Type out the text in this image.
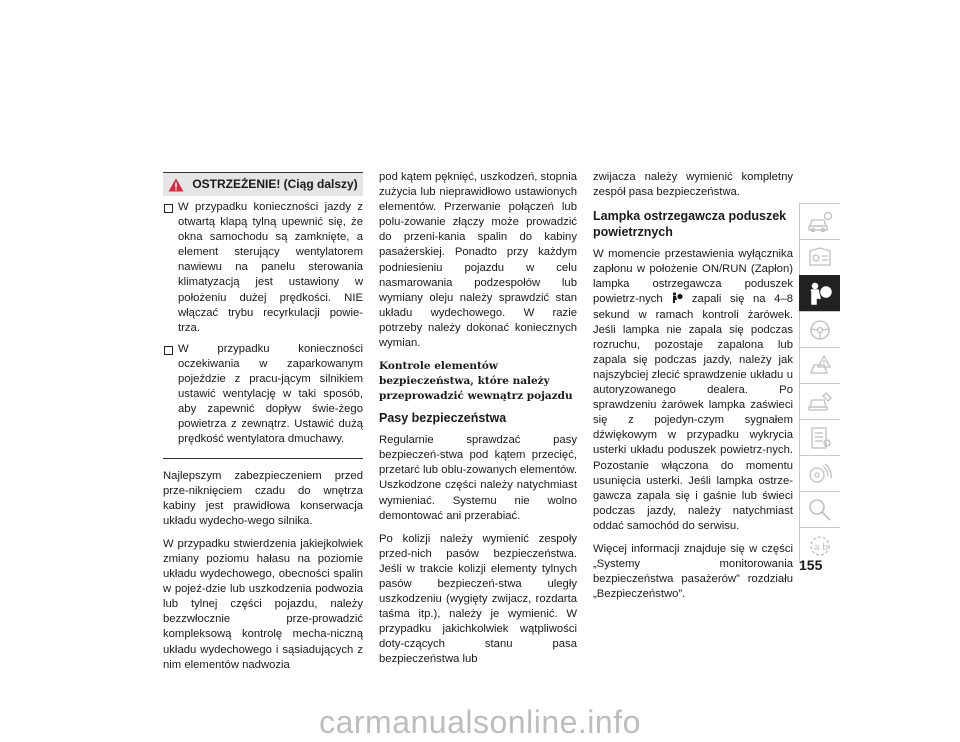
OSTRZEŻENIE! (Ciąg dalszy)
W przypadku konieczności jazdy z otwartą klapą tylną upewnić się, że okna samochodu są zamknięte, a element sterujący wentylatorem nawiewu na panelu sterowania klimatyzacją jest ustawiony w położeniu dużej prędkości. NIE włączać trybu recyrkulacji powie-trza.
W przypadku konieczności oczekiwania w zaparkowanym pojeździe z pracu-jącym silnikiem ustawić wentylację w taki sposób, aby zapewnić dopływ świe-żego powietrza z zewnątrz. Ustawić dużą prędkość wentylatora dmuchawy.

Najlepszym zabezpieczeniem przed prze-niknięciem czadu do wnętrza kabiny jest prawidłowa konserwacja układu wydecho-wego silnika.

W przypadku stwierdzenia jakiejkolwiek zmiany poziomu hałasu na poziomie układu wydechowego, obecności spalin w pojeź-dzie lub uszkodzenia podwozia lub tylnej części pojazdu, należy bezzwłocznie prze-prowadzić kompleksową kontrolę mecha-niczną układu wydechowego i sąsiadujących z nim elementów nadwozia

pod kątem pęknięć, uszkodzeń, stopnia zużycia lub nieprawidłowo ustawionych elementów. Przerwanie połączeń lub polu-zowanie złączy może prowadzić do przeni-kania spalin do kabiny pasażerskiej. Ponadto przy każdym podniesieniu pojazdu w celu nasmarowania podzespołów lub wymiany oleju należy sprawdzić stan układu wydechowego. W razie potrzeby należy dokonać koniecznych wymian.

Kontrole elementów bezpieczeństwa, które należy przeprowadzić wewnątrz pojazdu
Pasy bezpieczeństwa

Regularnie sprawdzać pasy bezpieczeń-stwa pod kątem przecięć, przetarć lub oblu-zowanych elementów. Uszkodzone części należy natychmiast wymieniać. Systemu nie wolno demontować ani przerabiać.

Po kolizji należy wymienić zespoły przed-nich pasów bezpieczeństwa. Jeśli w trakcie kolizji elementy tylnych pasów bezpieczeń-stwa uległy uszkodzeniu (wygięty zwijacz, rozdarta taśma itp.), należy je wymienić. W przypadku jakichkolwiek wątpliwości doty-czących stanu pasa bezpieczeństwa lub

zwijacza należy wymienić kompletny zespół pasa bezpieczeństwa.

Lampka ostrzegawcza poduszek powietrznych

W momencie przestawienia wyłącznika zapłonu w położenie ON/RUN (Zapłon) lampka ostrzegawcza poduszek powietrz-nych	zapali się na 4–8 sekund w ramach kontroli żarówek. Jeśli lampka nie zapala się podczas rozruchu, pozostaje zapalona lub zapala się podczas jazdy, należy jak najszybciej zlecić sprawdzenie układu u autoryzowanego dealera. Po sprawdzeniu żarówek lampka zaświeci się z pojedyn-czym sygnałem dźwiękowym w przypadku wykrycia usterki układu poduszek powietrz-nych. Pozostanie włączona do momentu usunięcia usterki. Jeśli lampka ostrze-gawcza zapala się i gaśnie lub świeci podczas jazdy, należy natychmiast oddać samochód do serwisu.

Więcej informacji znajduje się w części „Systemy monitorowania bezpieczeństwa pasażerów” rozdziału „Bezpieczeństwo”.

a b
155
carmanualsonline.info
